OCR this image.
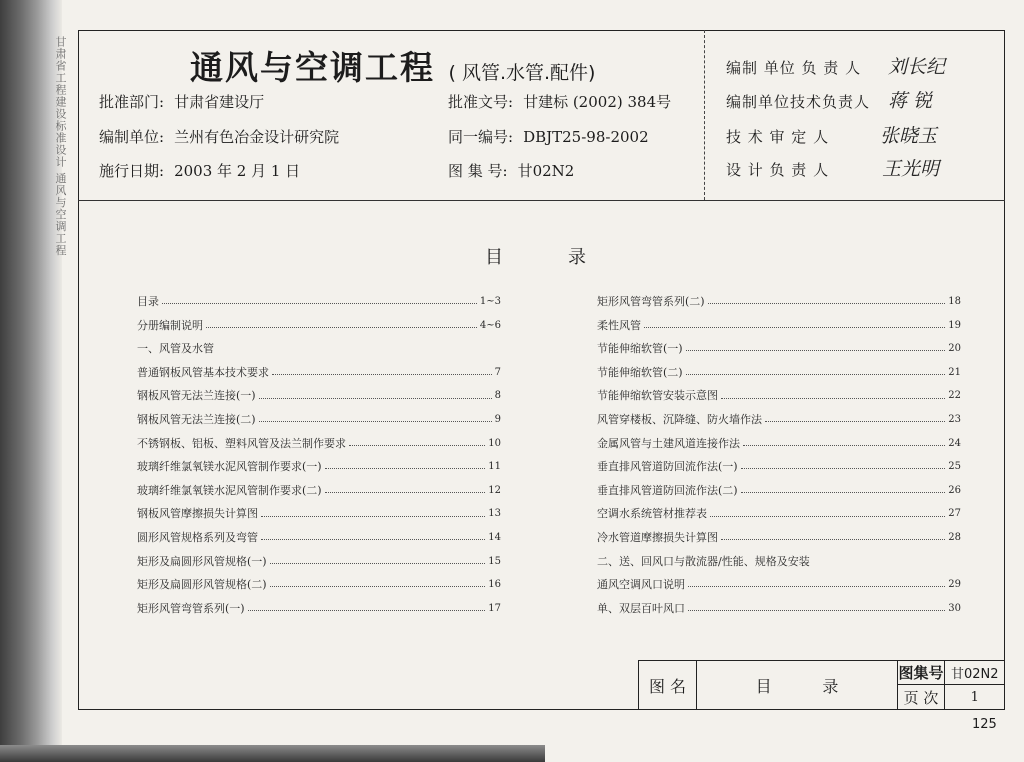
甘肃省工程建设标准设计 通风与空调工程	通风与空调工程 ( 风管.水管.配件)
批准部门: 甘肃省建设厅
编制单位: 兰州有色冶金设计研究院
施行日期: 2003 年 2 月 1 日
批准文号: 甘建标 (2002) 384号
同一编号: DBJT25-98-2002
图 集 号: 甘02N2
编制 单位 负 责 人 刘长纪
编制单位技术负责人 蒋 锐
技 术 审 定 人	张晓玉
设 计 负 责 人	王光明
目	录
目录	1~3
分册编制说明	4~6
一、风管及水管
普通钢板风管基本技术要求	7
钢板风管无法兰连接(一)	8
钢板风管无法兰连接(二)	9
不锈钢板、铝板、塑料风管及法兰制作要求	10
玻璃纤维氯氧镁水泥风管制作要求(一)	11
玻璃纤维氯氧镁水泥风管制作要求(二)	12
钢板风管摩擦损失计算图	13
圆形风管规格系列及弯管	14
矩形及扁圆形风管规格(一)	15
矩形及扁圆形风管规格(二)	16
矩形风管弯管系列(一)	17
矩形风管弯管系列(二)	18
柔性风管	19
节能伸缩软管(一)	20
节能伸缩软管(二)	21
节能伸缩软管安装示意图	22
风管穿楼板、沉降缝、防火墙作法	23
金属风管与土建风道连接作法	24
垂直排风管道防回流作法(一)	25
垂直排风管道防回流作法(二)	26
空调水系统管材推荐表	27
冷水管道摩擦损失计算图	28
二、送、回风口与散流器/性能、规格及安装
通风空调风口说明	29
单、双层百叶风口	30
图 名	目          录
图集号 甘02N2
页 次	1
125
